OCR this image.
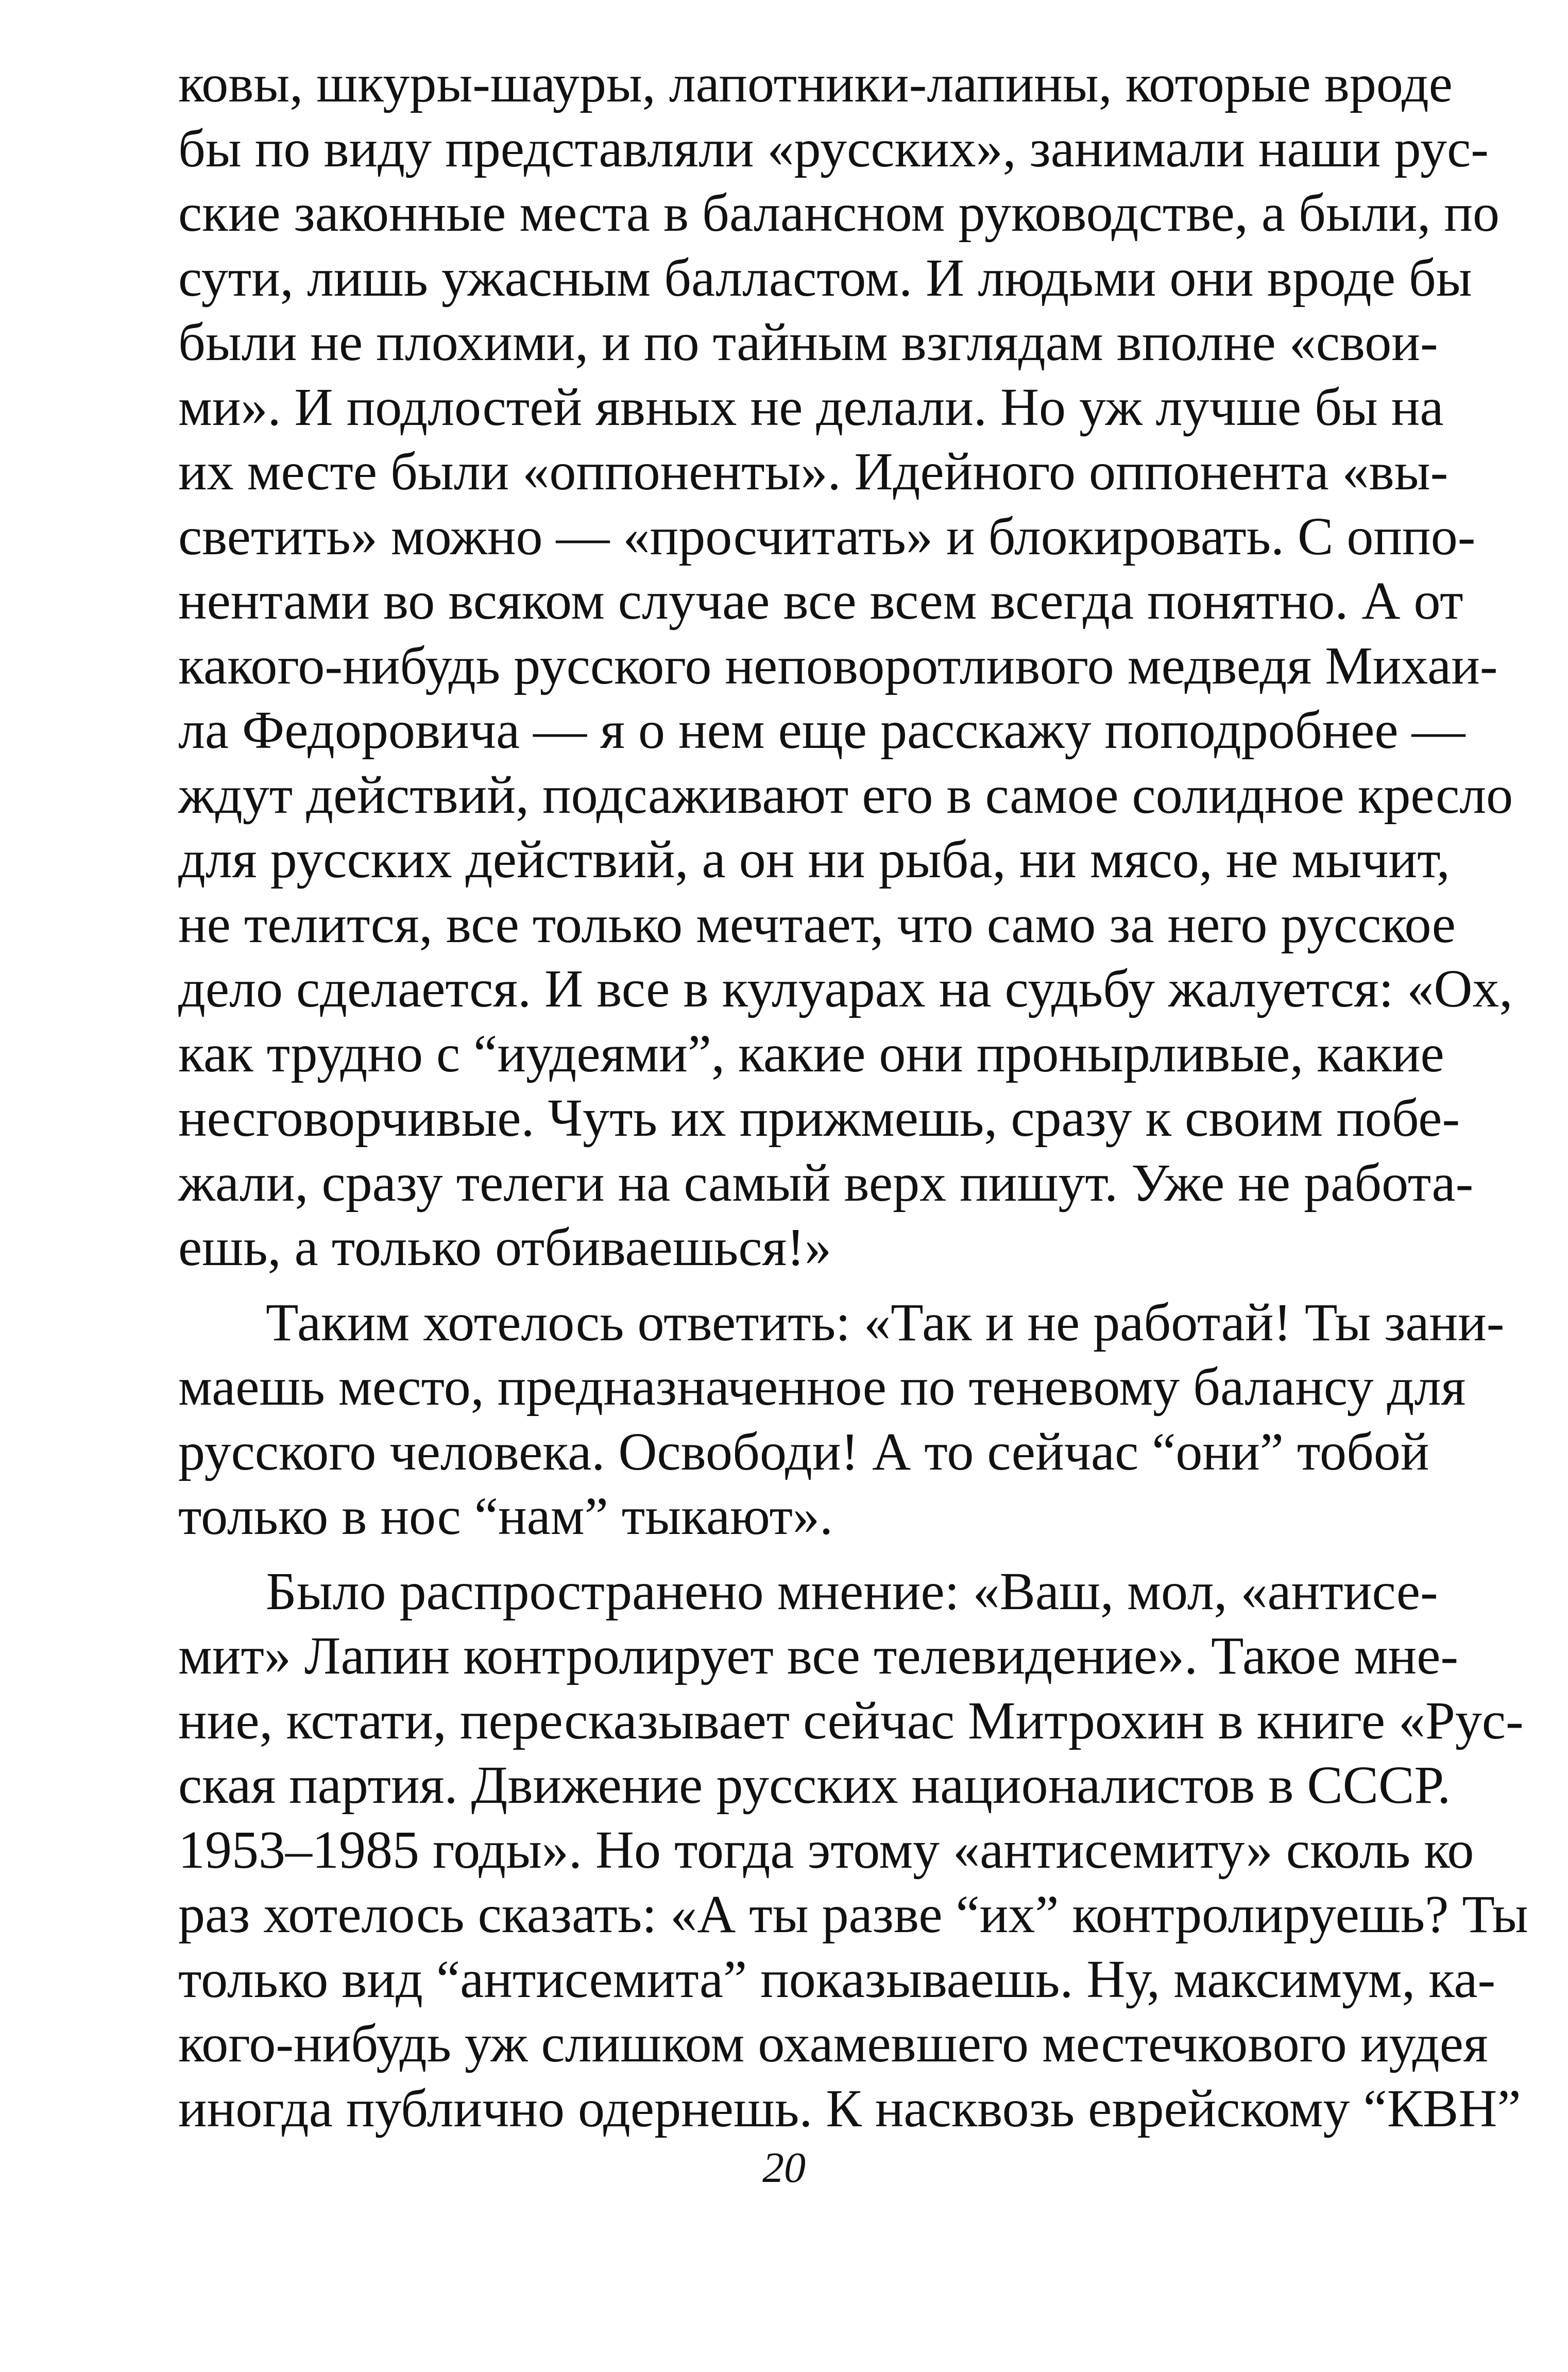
ковы, шкуры-шауры, лапотники-лапины, которые вроде
бы по виду представляли «русских», занимали наши рус-
ские законные места в балансном руководстве, а были, по
сути, лишь ужасным балластом. И людьми они вроде бы
были не плохими, и по тайным взглядам вполне «свои-
ми». И подлостей явных не делали. Но уж лучше бы на
их месте были «оппоненты». Идейного оппонента «вы-
светить» можно — «просчитать» и блокировать. С оппо-
нентами во всяком случае все всем всегда понятно. А от
какого-нибудь русского неповоротливого медведя Михаи-
ла Федоровича — я о нем еще расскажу поподробнее —
ждут действий, подсаживают его в самое солидное кресло
для русских действий, а он ни рыба, ни мясо, не мычит,
не телится, все только мечтает, что само за него русское
дело сделается. И все в кулуарах на судьбу жалуется: «Ох,
как трудно с “иудеями”, какие они пронырливые, какие
несговорчивые. Чуть их прижмешь, сразу к своим побе-
жали, сразу телеги на самый верх пишут. Уже не работа-
ешь, а только отбиваешься!»
Таким хотелось ответить: «Так и не работай! Ты зани-
маешь место, предназначенное по теневому балансу для
русского человека. Освободи! А то сейчас “они” тобой
только в нос “нам” тыкают».
Было распространено мнение: «Ваш, мол, «антисе-
мит» Лапин контролирует все телевидение». Такое мне-
ние, кстати, пересказывает сейчас Митрохин в книге «Рус-
ская партия. Движение русских националистов в СССР.
1953–1985 годы». Но тогда этому «антисемиту» сколь ко
раз хотелось сказать: «А ты разве “их” контролируешь? Ты
только вид “антисемита” показываешь. Ну, максимум, ка-
кого-нибудь уж слишком охамевшего местечкового иудея
иногда публично одернешь. К насквозь еврейскому “КВН”
20
